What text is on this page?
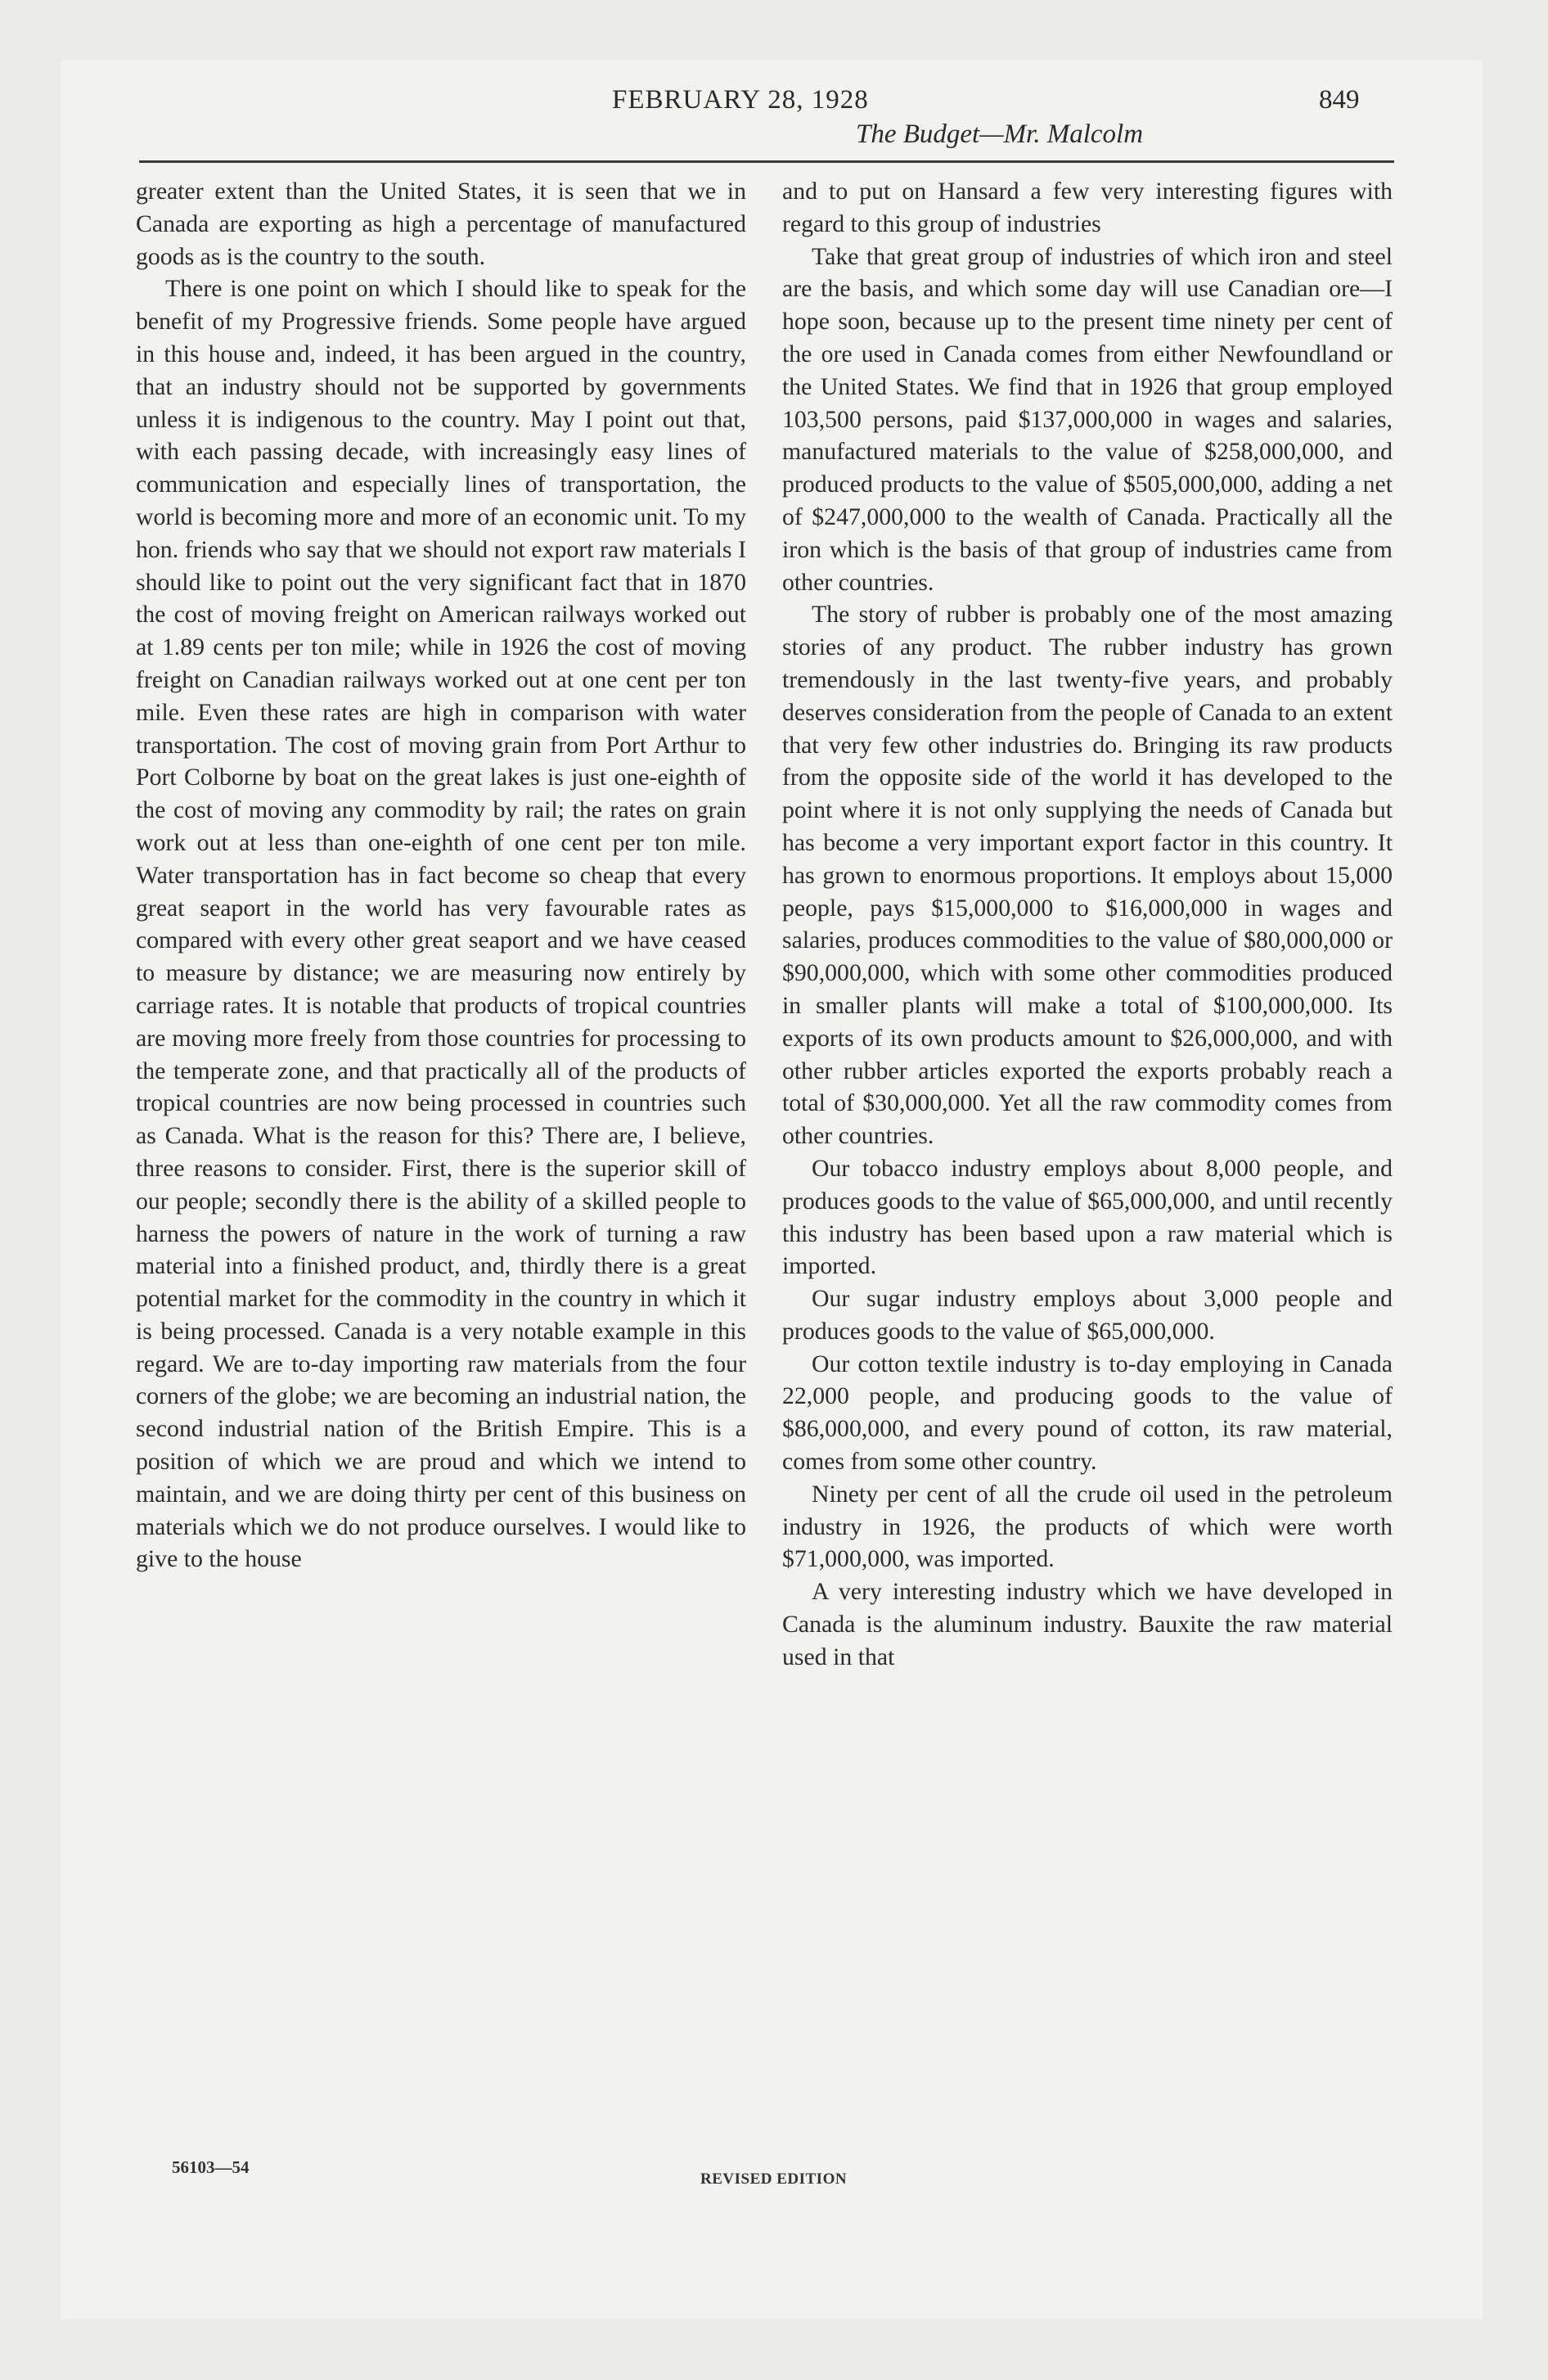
FEBRUARY 28, 1928	849
The Budget—Mr. Malcolm

greater extent than the United States, it is seen that we in Canada are exporting as high a percentage of manufactured goods as is the country to the south.

There is one point on which I should like to speak for the benefit of my Progressive friends. Some people have argued in this house and, indeed, it has been argued in the country, that an industry should not be supported by governments unless it is indigenous to the country. May I point out that, with each passing decade, with increasingly easy lines of communication and especially lines of transportation, the world is becoming more and more of an economic unit. To my hon. friends who say that we should not export raw materials I should like to point out the very significant fact that in 1870 the cost of moving freight on American railways worked out at 1.89 cents per ton mile; while in 1926 the cost of moving freight on Canadian railways worked out at one cent per ton mile. Even these rates are high in comparison with water transportation. The cost of moving grain from Port Arthur to Port Colborne by boat on the great lakes is just one-eighth of the cost of moving any commodity by rail; the rates on grain work out at less than one-eighth of one cent per ton mile. Water transportation has in fact become so cheap that every great seaport in the world has very favourable rates as compared with every other great seaport and we have ceased to measure by distance; we are measuring now entirely by carriage rates. It is notable that products of tropical countries are moving more freely from those countries for processing to the temperate zone, and that practically all of the products of tropical countries are now being processed in countries such as Canada. What is the reason for this? There are, I believe, three reasons to consider. First, there is the superior skill of our people; secondly there is the ability of a skilled people to harness the powers of nature in the work of turning a raw material into a finished product, and, thirdly there is a great potential market for the commodity in the country in which it is being processed. Canada is a very notable example in this regard. We are to-day importing raw materials from the four corners of the globe; we are becoming an industrial nation, the second industrial nation of the British Empire. This is a position of which we are proud and which we intend to maintain, and we are doing thirty per cent of this business on materials which we do not produce ourselves. I would like to give to the house

and to put on Hansard a few very interesting figures with regard to this group of industries

Take that great group of industries of which iron and steel are the basis, and which some day will use Canadian ore—I hope soon, because up to the present time ninety per cent of the ore used in Canada comes from either Newfoundland or the United States. We find that in 1926 that group employed 103,500 persons, paid $137,000,000 in wages and salaries, manufactured materials to the value of $258,000,000, and produced products to the value of $505,000,000, adding a net of $247,000,000 to the wealth of Canada. Practically all the iron which is the basis of that group of industries came from other countries.

The story of rubber is probably one of the most amazing stories of any product. The rubber industry has grown tremendously in the last twenty-five years, and probably deserves consideration from the people of Canada to an extent that very few other industries do. Bringing its raw products from the opposite side of the world it has developed to the point where it is not only supplying the needs of Canada but has become a very important export factor in this country. It has grown to enormous proportions. It employs about 15,000 people, pays $15,000,000 to $16,000,000 in wages and salaries, produces commodities to the value of $80,000,000 or $90,000,000, which with some other commodities produced in smaller plants will make a total of $100,000,000. Its exports of its own products amount to $26,000,000, and with other rubber articles exported the exports probably reach a total of $30,000,000. Yet all the raw commodity comes from other countries.

Our tobacco industry employs about 8,000 people, and produces goods to the value of $65,000,000, and until recently this industry has been based upon a raw material which is imported.

Our sugar industry employs about 3,000 people and produces goods to the value of $65,000,000.

Our cotton textile industry is to-day employing in Canada 22,000 people, and producing goods to the value of $86,000,000, and every pound of cotton, its raw material, comes from some other country.

Ninety per cent of all the crude oil used in the petroleum industry in 1926, the products of which were worth $71,000,000, was imported.

A very interesting industry which we have developed in Canada is the aluminum industry. Bauxite the raw material used in that

56103—54
REVISED EDITION
